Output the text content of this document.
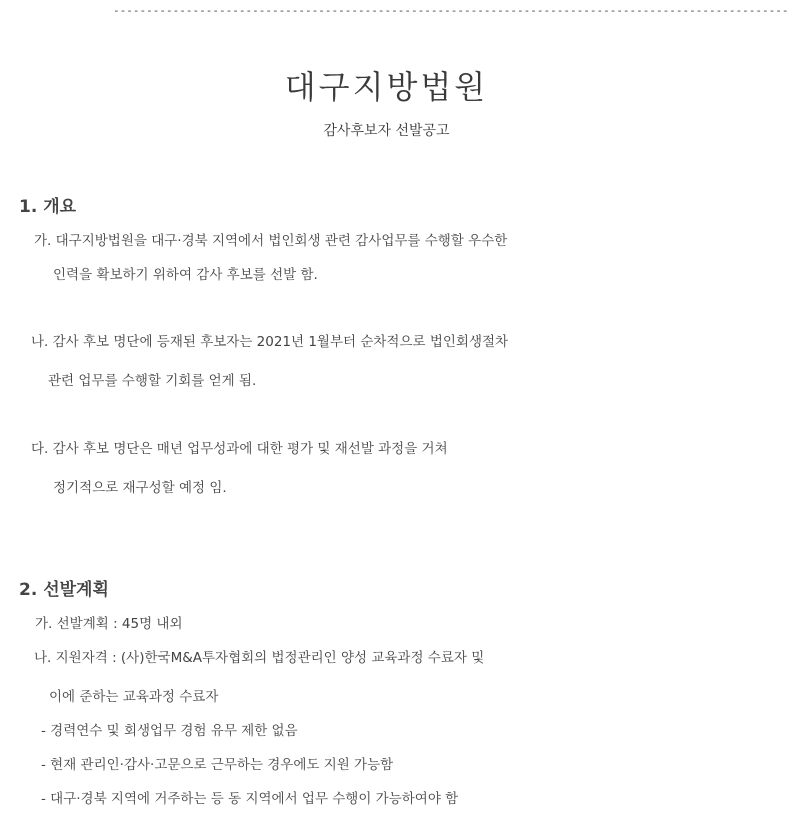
------------------------------------------------------------------------------------------------------
대구지방법원
감사후보자 선발공고
1. 개요
가. 대구지방법원을 대구·경북 지역에서 법인회생 관련 감사업무를 수행할 우수한
인력을 확보하기 위하여 감사 후보를 선발 함.
나. 감사 후보 명단에 등재된 후보자는 2021년 1월부터 순차적으로 법인회생절차
관련 업무를 수행할 기회를 얻게 됨.
다. 감사 후보 명단은 매년 업무성과에 대한 평가 및 재선발 과정을 거쳐
정기적으로 재구성할 예정 임.
2. 선발계획
가. 선발계획 : 45명 내외
나. 지원자격 : (사)한국M&A투자협회의 법정관리인 양성 교육과정 수료자 및
이에 준하는 교육과정 수료자
- 경력연수 및 회생업무 경험 유무 제한 없음
- 현재 관리인·감사·고문으로 근무하는 경우에도 지원 가능함
- 대구·경북 지역에 거주하는 등 동 지역에서 업무 수행이 가능하여야 함
